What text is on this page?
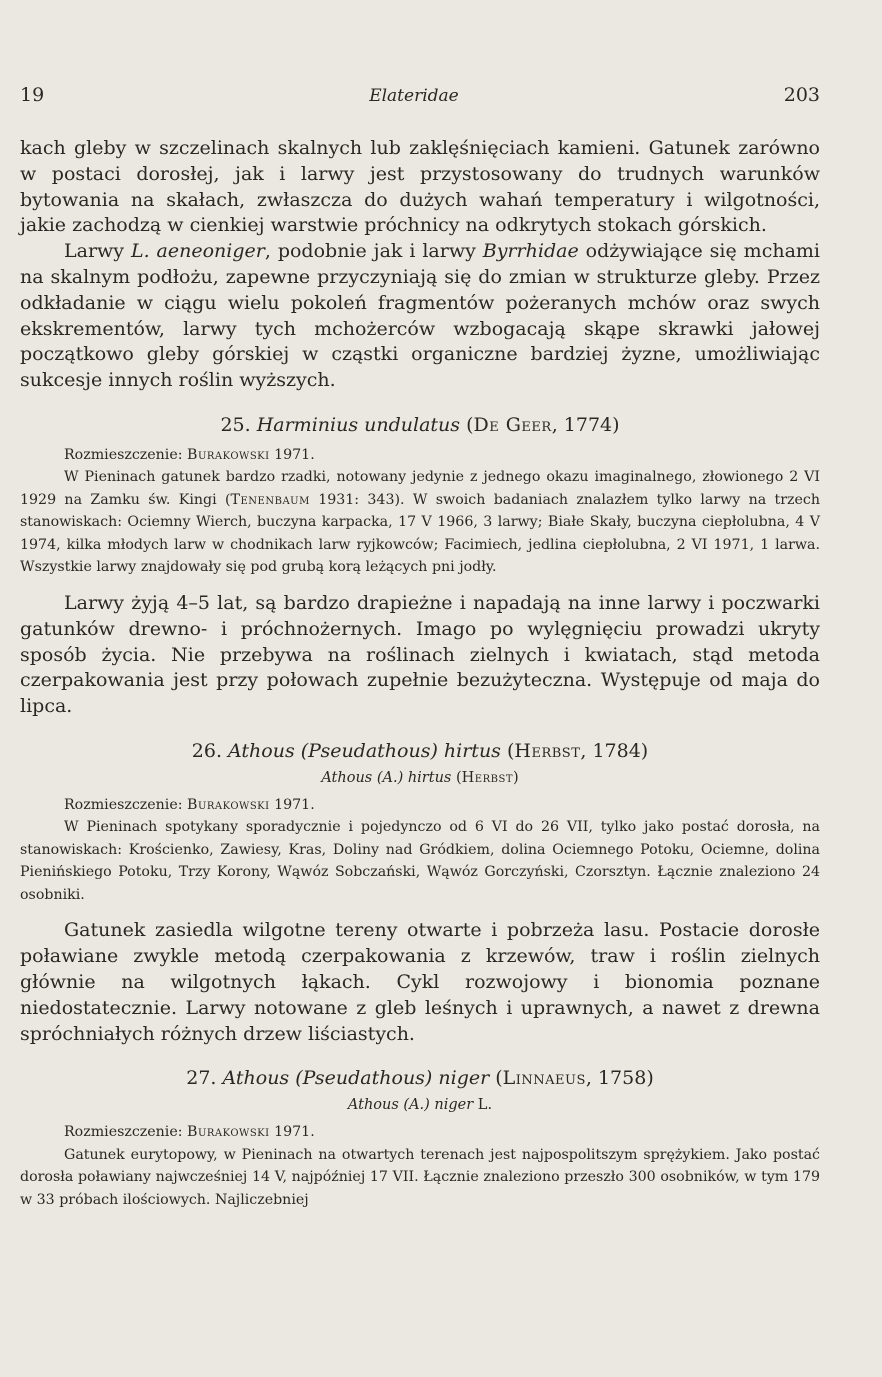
19	Elateridae	203

kach gleby w szczelinach skalnych lub zaklęśnięciach kamieni. Gatunek zarówno w postaci dorosłej, jak i larwy jest przystosowany do trudnych warunków bytowania na skałach, zwłaszcza do dużych wahań temperatury i wilgotności, jakie zachodzą w cienkiej warstwie próchnicy na odkrytych stokach górskich.

Larwy L. aeneoniger, podobnie jak i larwy Byrrhidae odżywiające się mchami na skalnym podłożu, zapewne przyczyniają się do zmian w strukturze gleby. Przez odkładanie w ciągu wielu pokoleń fragmentów pożeranych mchów oraz swych ekskrementów, larwy tych mchożerców wzbogacają skąpe skrawki jałowej początkowo gleby górskiej w cząstki organiczne bardziej żyzne, umożliwiając sukcesje innych roślin wyższych.

25. Harminius undulatus (De Geer, 1774)

Rozmieszczenie: Burakowski 1971.

W Pieninach gatunek bardzo rzadki, notowany jedynie z jednego okazu imaginalnego, złowionego 2 VI 1929 na Zamku św. Kingi (Tenenbaum 1931: 343). W swoich badaniach znalazłem tylko larwy na trzech stanowiskach: Ociemny Wierch, buczyna karpacka, 17 V 1966, 3 larwy; Białe Skały, buczyna ciepłolubna, 4 V 1974, kilka młodych larw w chodnikach larw ryjkowców; Facimiech, jedlina ciepłolubna, 2 VI 1971, 1 larwa. Wszystkie larwy znajdowały się pod grubą korą leżących pni jodły.

Larwy żyją 4–5 lat, są bardzo drapieżne i napadają na inne larwy i poczwarki gatunków drewno- i próchnożernych. Imago po wylęgnięciu prowadzi ukryty sposób życia. Nie przebywa na roślinach zielnych i kwiatach, stąd metoda czerpakowania jest przy połowach zupełnie bezużyteczna. Występuje od maja do lipca.

26. Athous (Pseudathous) hirtus (Herbst, 1784)
Athous (A.) hirtus (Herbst)

Rozmieszczenie: Burakowski 1971.

W Pieninach spotykany sporadycznie i pojedynczo od 6 VI do 26 VII, tylko jako postać dorosła, na stanowiskach: Krościenko, Zawiesy, Kras, Doliny nad Gródkiem, dolina Ociemnego Potoku, Ociemne, dolina Pienińskiego Potoku, Trzy Korony, Wąwóz Sobczański, Wąwóz Gorczyński, Czorsztyn. Łącznie znaleziono 24 osobniki.

Gatunek zasiedla wilgotne tereny otwarte i pobrzeża lasu. Postacie dorosłe poławiane zwykle metodą czerpakowania z krzewów, traw i roślin zielnych głównie na wilgotnych łąkach. Cykl rozwojowy i bionomia poznane niedostatecznie. Larwy notowane z gleb leśnych i uprawnych, a nawet z drewna spróchniałych różnych drzew liściastych.

27. Athous (Pseudathous) niger (Linnaeus, 1758)
Athous (A.) niger L.

Rozmieszczenie: Burakowski 1971.

Gatunek eurytopowy, w Pieninach na otwartych terenach jest najpospolitszym sprężykiem. Jako postać dorosła poławiany najwcześniej 14 V, najpóźniej 17 VII. Łącznie znaleziono przeszło 300 osobników, w tym 179 w 33 próbach ilościowych. Najliczebniej
